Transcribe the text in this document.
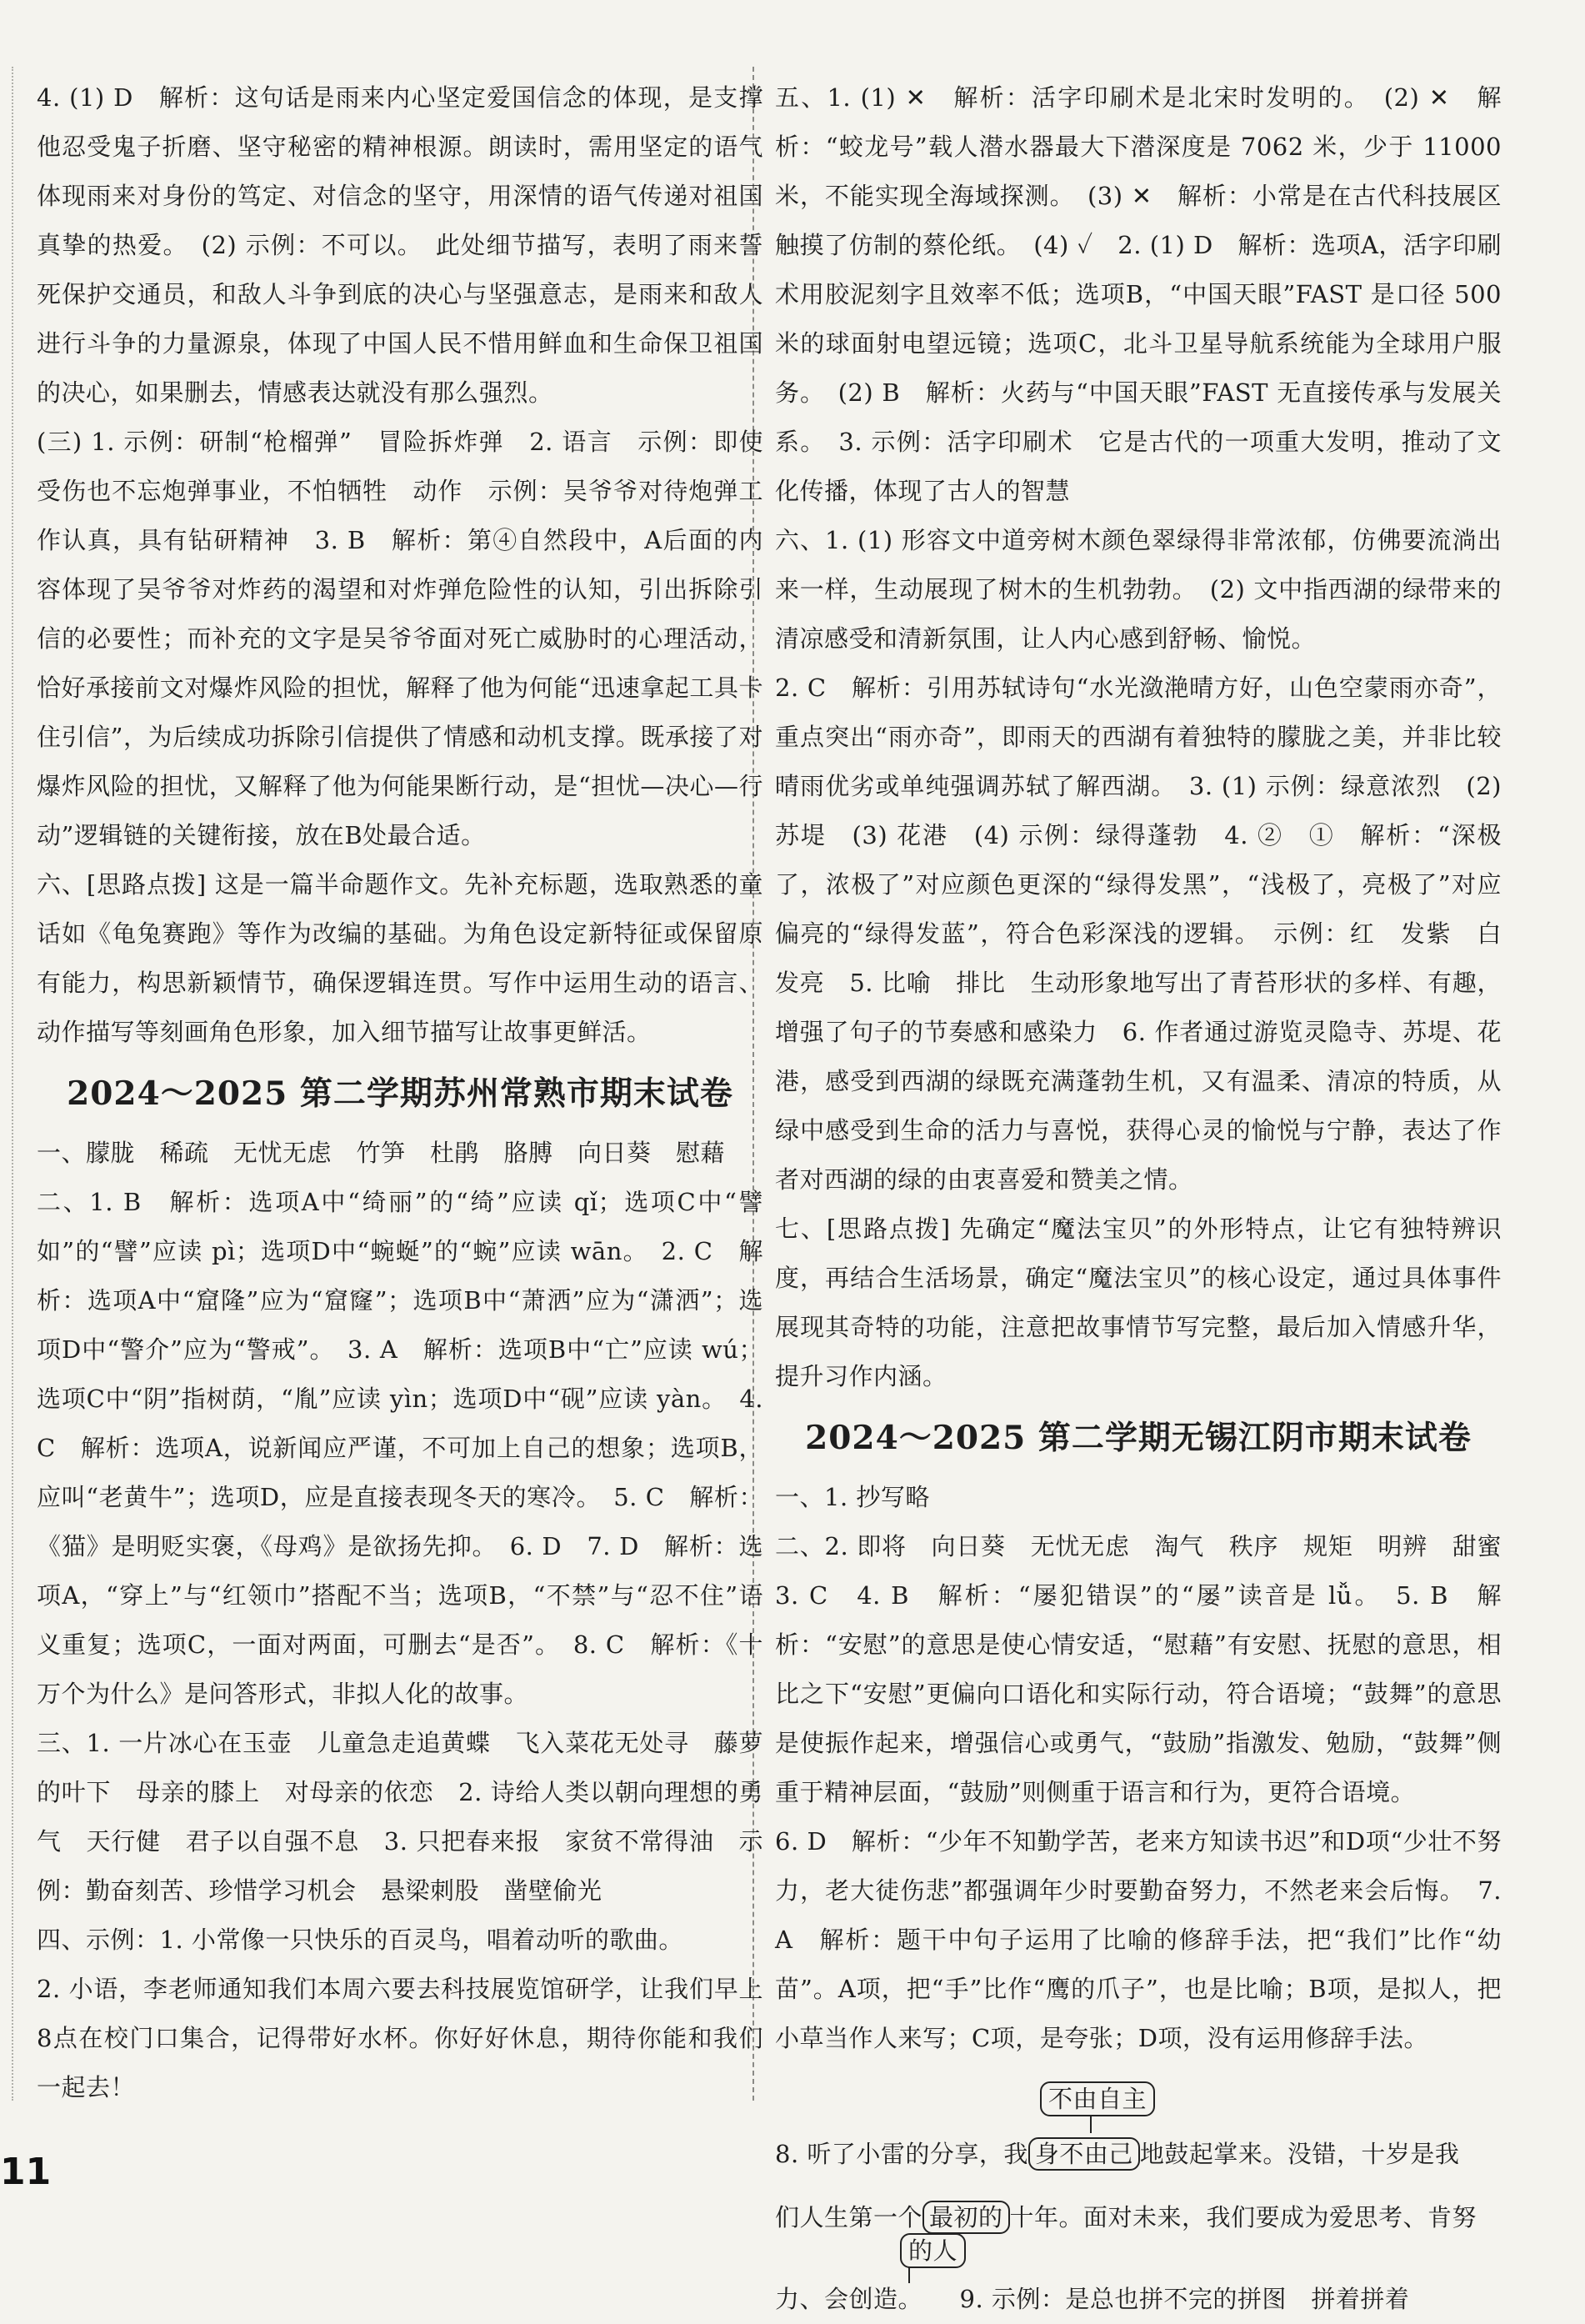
4. (1) D　解析：这句话是雨来内心坚定爱国信念的体现，是支撑他忍受鬼子折磨、坚守秘密的精神根源。朗读时，需用坚定的语气体现雨来对身份的笃定、对信念的坚守，用深情的语气传递对祖国真挚的热爱。　(2) 示例：不可以。　此处细节描写，表明了雨来誓死保护交通员，和敌人斗争到底的决心与坚强意志，是雨来和敌人进行斗争的力量源泉，体现了中国人民不惜用鲜血和生命保卫祖国的决心，如果删去，情感表达就没有那么强烈。

(三) 1. 示例：研制“枪榴弹”　冒险拆炸弹　2. 语言　示例：即使受伤也不忘炮弹事业，不怕牺牲　动作　示例：吴爷爷对待炮弹工作认真，具有钻研精神　3. B　解析：第④自然段中，A后面的内容体现了吴爷爷对炸药的渴望和对炸弹危险性的认知，引出拆除引信的必要性；而补充的文字是吴爷爷面对死亡威胁时的心理活动，恰好承接前文对爆炸风险的担忧，解释了他为何能“迅速拿起工具卡住引信”，为后续成功拆除引信提供了情感和动机支撑。既承接了对爆炸风险的担忧，又解释了他为何能果断行动，是“担忧—决心—行动”逻辑链的关键衔接，放在B处最合适。

六、[思路点拨] 这是一篇半命题作文。先补充标题，选取熟悉的童话如《龟兔赛跑》等作为改编的基础。为角色设定新特征或保留原有能力，构思新颖情节，确保逻辑连贯。写作中运用生动的语言、动作描写等刻画角色形象，加入细节描写让故事更鲜活。

2024～2025 第二学期苏州常熟市期末试卷

一、朦胧　稀疏　无忧无虑　竹笋　杜鹃　胳膊　向日葵　慰藉

二、1. B　解析：选项A中“绮丽”的“绮”应读 qǐ；选项C中“譬如”的“譬”应读 pì；选项D中“蜿蜒”的“蜿”应读 wān。　2. C　解析：选项A中“窟隆”应为“窟窿”；选项B中“萧洒”应为“潇洒”；选项D中“警介”应为“警戒”。　3. A　解析：选项B中“亡”应读 wú；选项C中“阴”指树荫，“胤”应读 yìn；选项D中“砚”应读 yàn。　4. C　解析：选项A，说新闻应严谨，不可加上自己的想象；选项B，应叫“老黄牛”；选项D，应是直接表现冬天的寒冷。　5. C　解析：《猫》是明贬实褒，《母鸡》是欲扬先抑。　6. D　7. D　解析：选项A，“穿上”与“红领巾”搭配不当；选项B，“不禁”与“忍不住”语义重复；选项C，一面对两面，可删去“是否”。　8. C　解析：《十万个为什么》是问答形式，非拟人化的故事。

三、1. 一片冰心在玉壶　儿童急走追黄蝶　飞入菜花无处寻　藤萝的叶下　母亲的膝上　对母亲的依恋　2. 诗给人类以朝向理想的勇气　天行健　君子以自强不息　3. 只把春来报　家贫不常得油　示例：勤奋刻苦、珍惜学习机会　悬梁刺股　凿壁偷光

四、示例：1. 小常像一只快乐的百灵鸟，唱着动听的歌曲。

2. 小语，李老师通知我们本周六要去科技展览馆研学，让我们早上8点在校门口集合，记得带好水杯。你好好休息，期待你能和我们一起去！

五、1. (1) ✕　解析：活字印刷术是北宋时发明的。　(2) ✕　解析：“蛟龙号”载人潜水器最大下潜深度是 7062 米，少于 11000 米，不能实现全海域探测。　(3) ✕　解析：小常是在古代科技展区触摸了仿制的蔡伦纸。　(4) ✓　2. (1) D　解析：选项A，活字印刷术用胶泥刻字且效率不低；选项B，“中国天眼”FAST 是口径 500 米的球面射电望远镜；选项C，北斗卫星导航系统能为全球用户服务。　(2) B　解析：火药与“中国天眼”FAST 无直接传承与发展关系。　3. 示例：活字印刷术　它是古代的一项重大发明，推动了文化传播，体现了古人的智慧

六、1. (1) 形容文中道旁树木颜色翠绿得非常浓郁，仿佛要流淌出来一样，生动展现了树木的生机勃勃。　(2) 文中指西湖的绿带来的清凉感受和清新氛围，让人内心感到舒畅、愉悦。

2. C　解析：引用苏轼诗句“水光潋滟晴方好，山色空蒙雨亦奇”，重点突出“雨亦奇”，即雨天的西湖有着独特的朦胧之美，并非比较晴雨优劣或单纯强调苏轼了解西湖。　3. (1) 示例：绿意浓烈　(2) 苏堤　(3) 花港　(4) 示例：绿得蓬勃　4. ②　①　解析：“深极了，浓极了”对应颜色更深的“绿得发黑”，“浅极了，亮极了”对应偏亮的“绿得发蓝”，符合色彩深浅的逻辑。　示例：红　发紫　白　发亮　5. 比喻　排比　生动形象地写出了青苔形状的多样、有趣，增强了句子的节奏感和感染力　6. 作者通过游览灵隐寺、苏堤、花港，感受到西湖的绿既充满蓬勃生机，又有温柔、清凉的特质，从绿中感受到生命的活力与喜悦，获得心灵的愉悦与宁静，表达了作者对西湖的绿的由衷喜爱和赞美之情。

七、[思路点拨] 先确定“魔法宝贝”的外形特点，让它有独特辨识度，再结合生活场景，确定“魔法宝贝”的核心设定，通过具体事件展现其奇特的功能，注意把故事情节写完整，最后加入情感升华，提升习作内涵。

2024～2025 第二学期无锡江阴市期末试卷

一、1. 抄写略

二、2. 即将　向日葵　无忧无虑　淘气　秩序　规矩　明辨　甜蜜　3. C　4. B　解析：“屡犯错误”的“屡”读音是 lǚ。　5. B　解析：“安慰”的意思是使心情安适，“慰藉”有安慰、抚慰的意思，相比之下“安慰”更偏向口语化和实际行动，符合语境；“鼓舞”的意思是使振作起来，增强信心或勇气，“鼓励”指激发、勉励，“鼓舞”侧重于精神层面，“鼓励”则侧重于语言和行为，更符合语境。

6. D　解析：“少年不知勤学苦，老来方知读书迟”和D项“少壮不努力，老大徒伤悲”都强调年少时要勤奋努力，不然老来会后悔。　7. A　解析：题干中句子运用了比喻的修辞手法，把“我们”比作“幼苗”。A项，把“手”比作“鹰的爪子”，也是比喻；B项，是拟人，把小草当作人来写；C项，是夸张；D项，没有运用修辞手法。

不由自主
8. 听了小雷的分享，我 身不由己 地鼓起掌来。没错，十岁是我
们人生第一个 最初的 十年。面对未来，我们要成为爱思考、肯努
的人
力、会创造。　　9. 示例：是总也拼不完的拼图　拼着拼着
11
